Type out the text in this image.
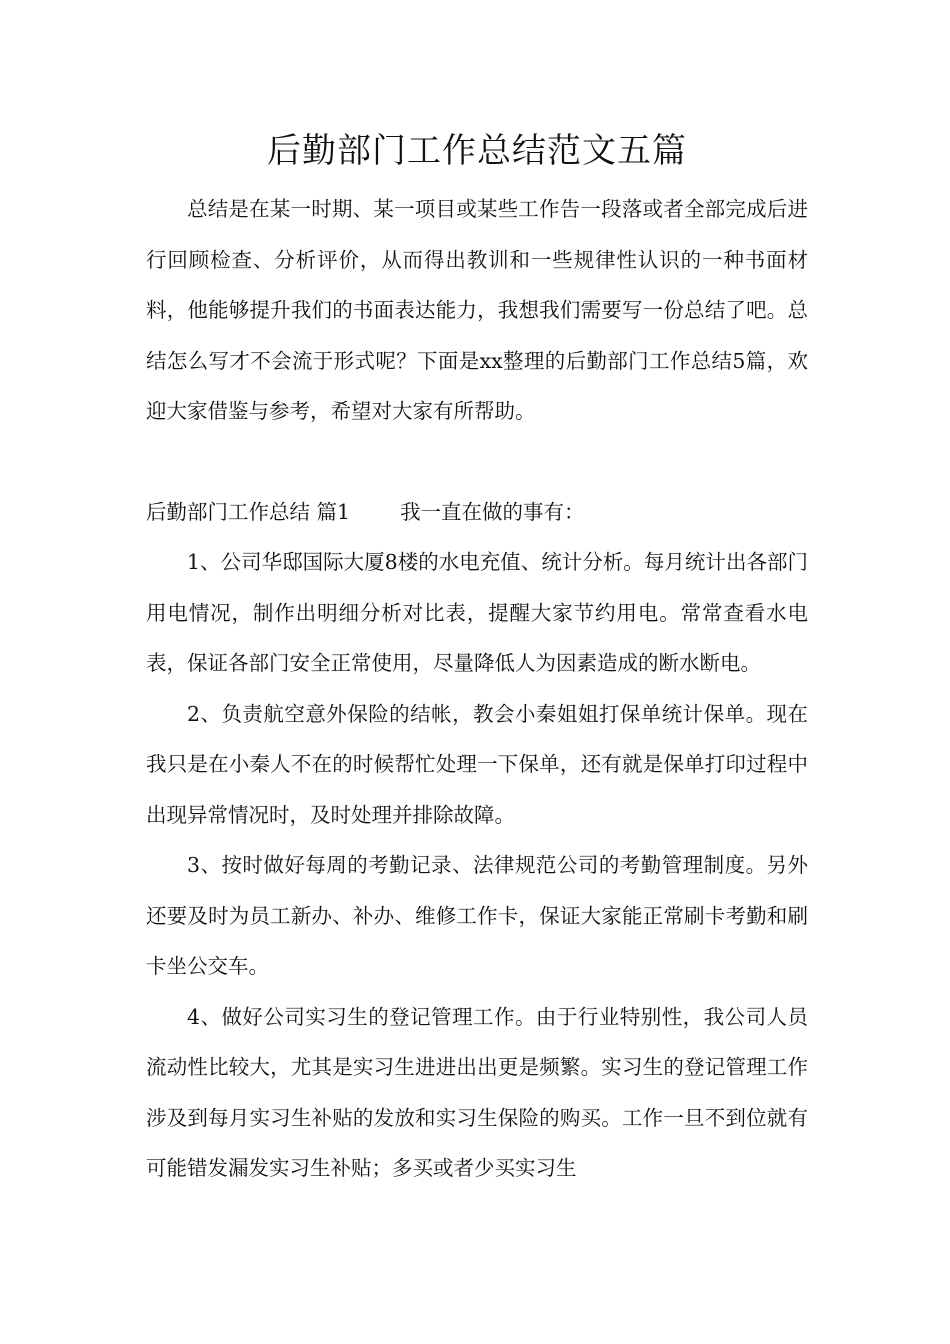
后勤部门工作总结范文五篇

总结是在某一时期、某一项目或某些工作告一段落或者全部完成后进行回顾检查、分析评价，从而得出教训和一些规律性认识的一种书面材料，他能够提升我们的书面表达能力，我想我们需要写一份总结了吧。总结怎么写才不会流于形式呢？下面是xx整理的后勤部门工作总结5篇，欢迎大家借鉴与参考，希望对大家有所帮助。

后勤部门工作总结 篇1 我一直在做的事有：

1、公司华邸国际大厦8楼的水电充值、统计分析。每月统计出各部门用电情况，制作出明细分析对比表，提醒大家节约用电。常常查看水电表，保证各部门安全正常使用，尽量降低人为因素造成的断水断电。

2、负责航空意外保险的结帐，教会小秦姐姐打保单统计保单。现在我只是在小秦人不在的时候帮忙处理一下保单，还有就是保单打印过程中出现异常情况时，及时处理并排除故障。

3、按时做好每周的考勤记录、法律规范公司的考勤管理制度。另外还要及时为员工新办、补办、维修工作卡，保证大家能正常刷卡考勤和刷卡坐公交车。

4、做好公司实习生的登记管理工作。由于行业特别性，我公司人员流动性比较大，尤其是实习生进进出出更是频繁。实习生的登记管理工作涉及到每月实习生补贴的发放和实习生保险的购买。工作一旦不到位就有可能错发漏发实习生补贴；多买或者少买实习生
